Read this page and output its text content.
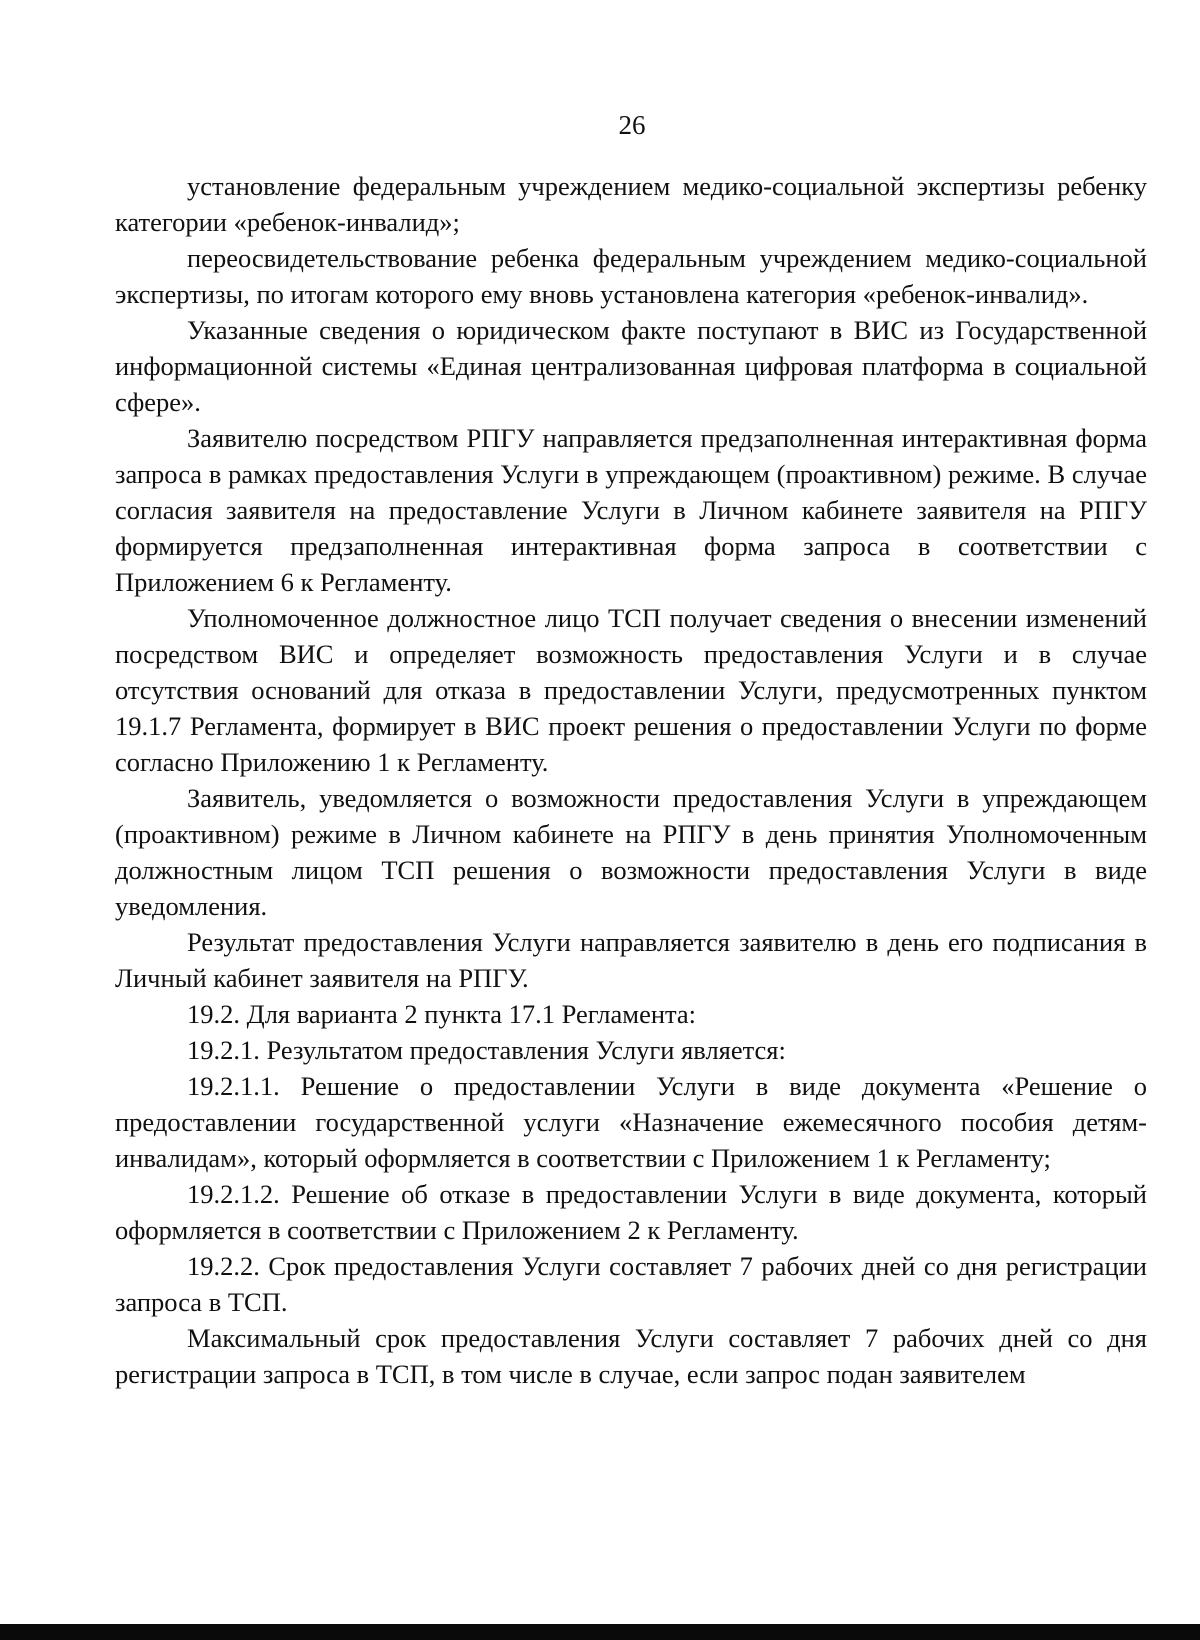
26

установление федеральным учреждением медико-социальной экспертизы ребенку категории «ребенок-инвалид»;

переосвидетельствование ребенка федеральным учреждением медико-социальной экспертизы, по итогам которого ему вновь установлена категория «ребенок-инвалид».

Указанные сведения о юридическом факте поступают в ВИС из Государственной информационной системы «Единая централизованная цифровая платформа в социальной сфере».

Заявителю посредством РПГУ направляется предзаполненная интерактивная форма запроса в рамках предоставления Услуги в упреждающем (проактивном) режиме. В случае согласия заявителя на предоставление Услуги в Личном кабинете заявителя на РПГУ формируется предзаполненная интерактивная форма запроса в соответствии с Приложением 6 к Регламенту.

Уполномоченное должностное лицо ТСП получает сведения о внесении изменений посредством ВИС и определяет возможность предоставления Услуги и в случае отсутствия оснований для отказа в предоставлении Услуги, предусмотренных пунктом 19.1.7 Регламента, формирует в ВИС проект решения о предоставлении Услуги по форме согласно Приложению 1 к Регламенту.

Заявитель, уведомляется о возможности предоставления Услуги в упреждающем (проактивном) режиме в Личном кабинете на РПГУ в день принятия Уполномоченным должностным лицом ТСП решения о возможности предоставления Услуги в виде уведомления.

Результат предоставления Услуги направляется заявителю в день его подписания в Личный кабинет заявителя на РПГУ.

19.2. Для варианта 2 пункта 17.1 Регламента:

19.2.1. Результатом предоставления Услуги является:

19.2.1.1. Решение о предоставлении Услуги в виде документа «Решение о предоставлении государственной услуги «Назначение ежемесячного пособия детям-инвалидам», который оформляется в соответствии с Приложением 1 к Регламенту;

19.2.1.2. Решение об отказе в предоставлении Услуги в виде документа, который оформляется в соответствии с Приложением 2 к Регламенту.

19.2.2. Срок предоставления Услуги составляет 7 рабочих дней со дня регистрации запроса в ТСП.

Максимальный срок предоставления Услуги составляет 7 рабочих дней со дня регистрации запроса в ТСП, в том числе в случае, если запрос подан заявителем
